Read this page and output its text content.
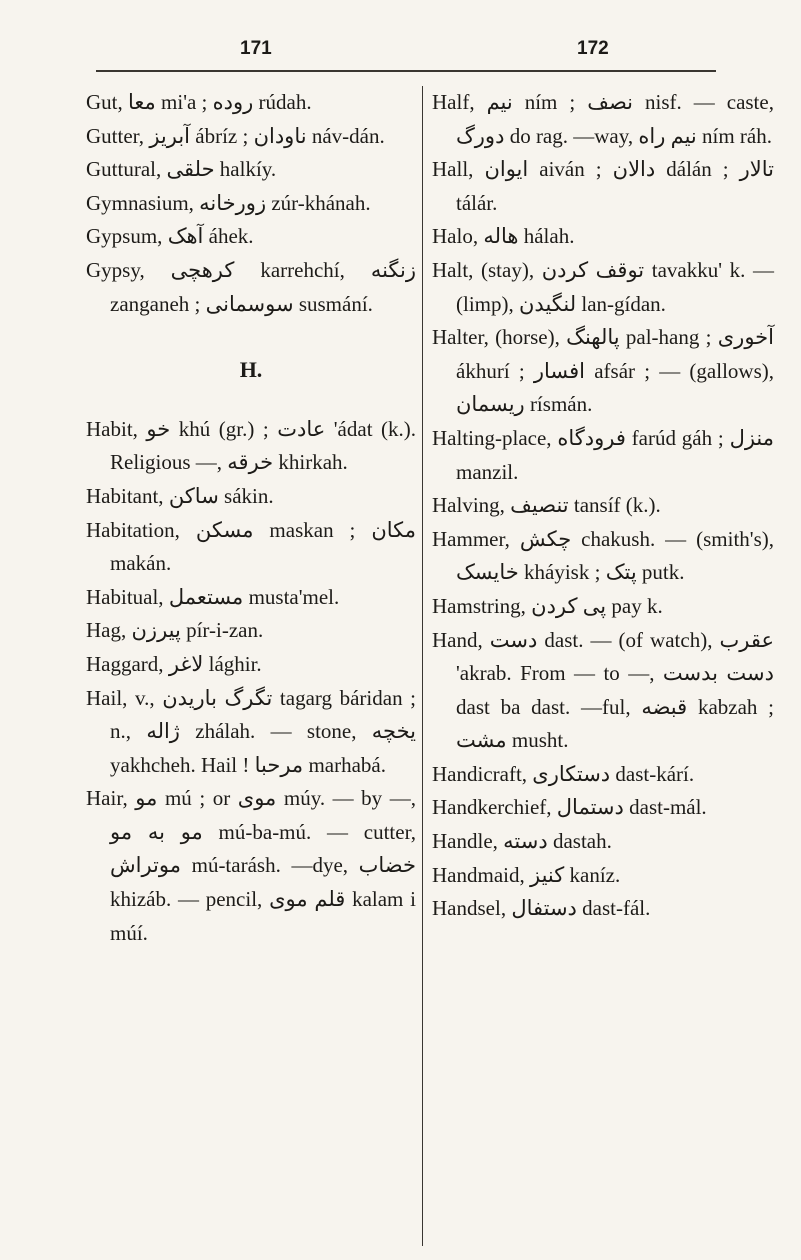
171	172

Gut, معا mi'a ; روده rúdah.

Gutter, آبریز ábríz ; ناودان náv-dán.

Guttural, حلقی halkíy.

Gymnasium, زورخانه zúr-khánah.

Gypsum, آهک áhek.

Gypsy, کرهچی karrehchí, زنگنه zanganeh ; سوسمانی susmání.

H.

Habit, خو khú (gr.) ; عادت 'ádat (k.). Religious —, خرقه khirkah.

Habitant, ساکن sákin.

Habitation, مسکن maskan ; مکان makán.

Habitual, مستعمل musta'mel.

Hag, پیرزن pír-i-zan.

Haggard, لاغر lághir.

Hail, v., تگرگ باریدن tagarg báridan ; n., ژاله zhálah. — stone, یخچه yakhcheh. Hail ! مرحبا marhabá.

Hair, مو mú ; or موی múy. — by —, مو به مو mú-ba-mú. — cutter, موتراش mú-tarásh. —dye, خضاب khizáb. — pencil, قلم موی kalam i múí.

Half, نیم ním ; نصف nisf. — caste, دورگ do rag. —way, نیم راه ním ráh.

Hall, ایوان aiván ; دالان dálán ; تالار tálár.

Halo, هاله hálah.

Halt, (stay), توقف کردن tavakku' k. — (limp), لنگیدن lan-gídan.

Halter, (horse), پالهنگ pal-hang ; آخوری ákhurí ; افسار afsár ; — (gallows), ریسمان rísmán.

Halting-place, فرودگاه farúd gáh ; منزل manzil.

Halving, تنصیف tansíf (k.).

Hammer, چکش chakush. — (smith's), خایسک kháyisk ; پتک putk.

Hamstring, پی کردن pay k.

Hand, دست dast. — (of watch), عقرب 'akrab. From — to —, دست بدست dast ba dast. —ful, قبضه kabzah ; مشت musht.

Handicraft, دستکاری dast-kárí.

Handkerchief, دستمال dast-mál.

Handle, دسته dastah.

Handmaid, کنیز kaníz.

Handsel, دستفال dast-fál.
